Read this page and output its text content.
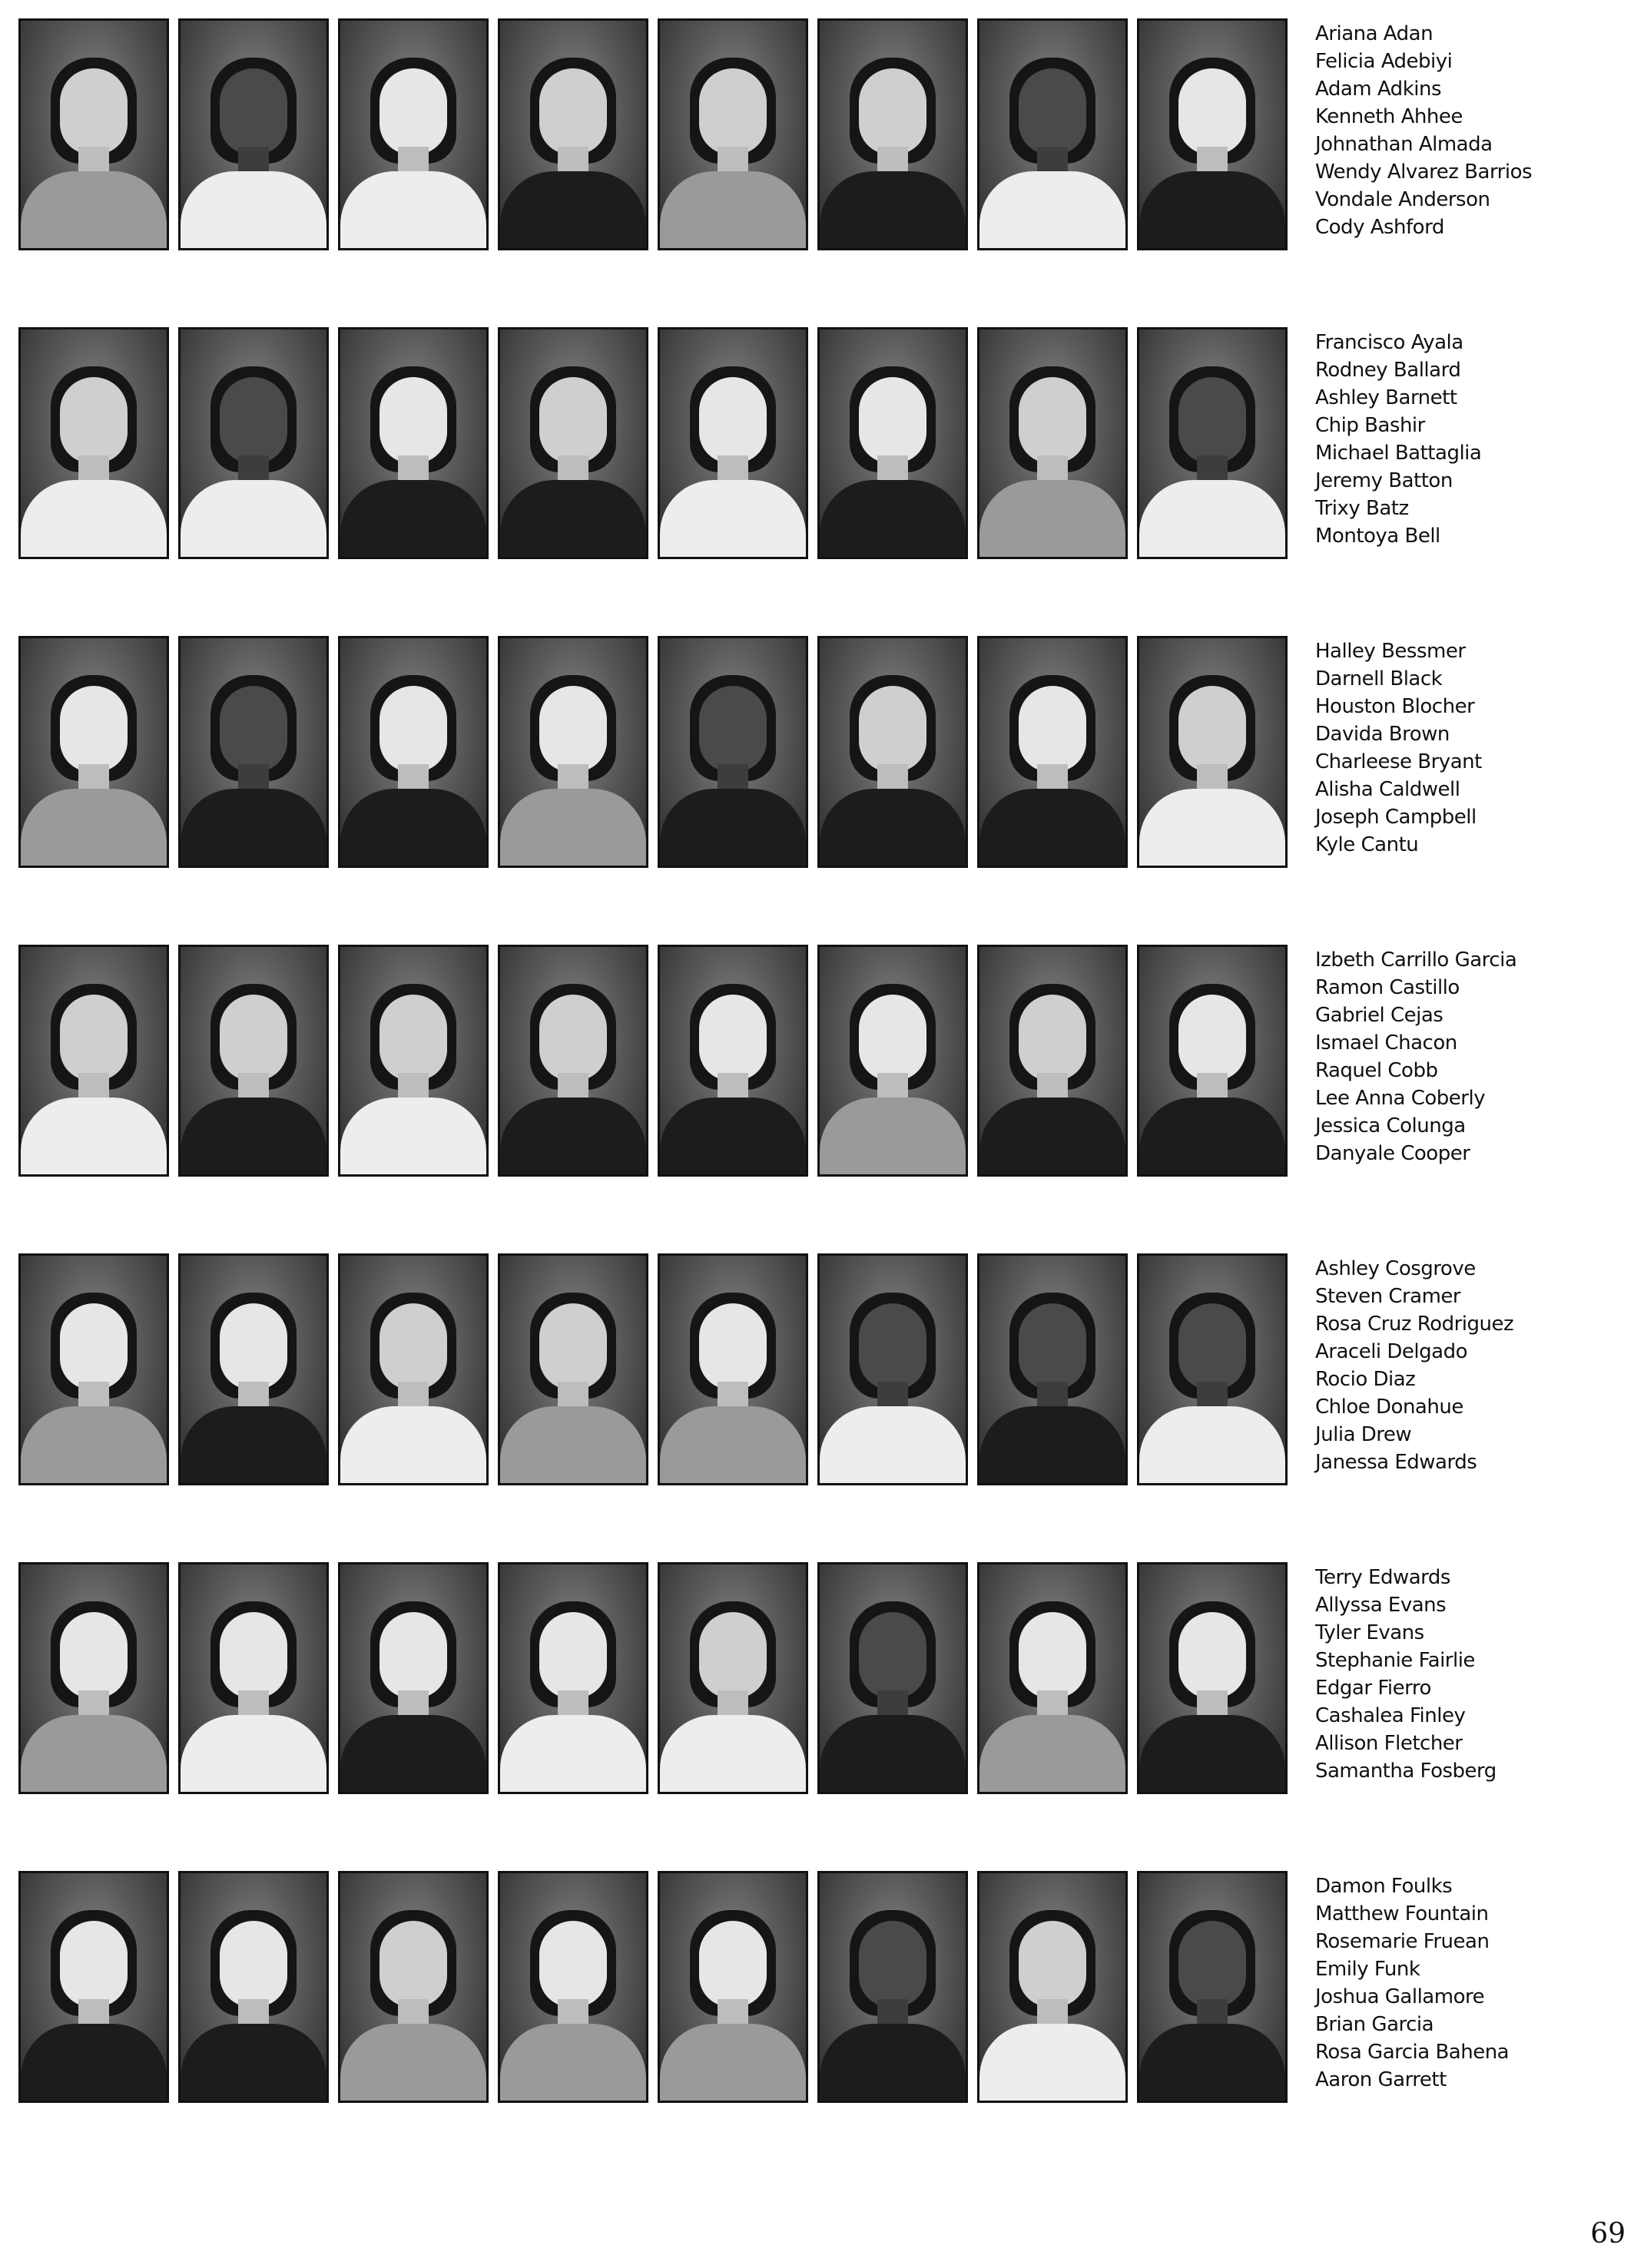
Ariana Adan
Felicia Adebiyi
Adam Adkins
Kenneth Ahhee
Johnathan Almada
Wendy Alvarez Barrios
Vondale Anderson
Cody Ashford
Francisco Ayala
Rodney Ballard
Ashley Barnett
Chip Bashir
Michael Battaglia
Jeremy Batton
Trixy Batz
Montoya Bell
Halley Bessmer
Darnell Black
Houston Blocher
Davida Brown
Charleese Bryant
Alisha Caldwell
Joseph Campbell
Kyle Cantu
Izbeth Carrillo Garcia
Ramon Castillo
Gabriel Cejas
Ismael Chacon
Raquel Cobb
Lee Anna Coberly
Jessica Colunga
Danyale Cooper
Ashley Cosgrove
Steven Cramer
Rosa Cruz Rodriguez
Araceli Delgado
Rocio Diaz
Chloe Donahue
Julia Drew
Janessa Edwards
Terry Edwards
Allyssa Evans
Tyler Evans
Stephanie Fairlie
Edgar Fierro
Cashalea Finley
Allison Fletcher
Samantha Fosberg
Damon Foulks
Matthew Fountain
Rosemarie Fruean
Emily Funk
Joshua Gallamore
Brian Garcia
Rosa Garcia Bahena
Aaron Garrett
69
